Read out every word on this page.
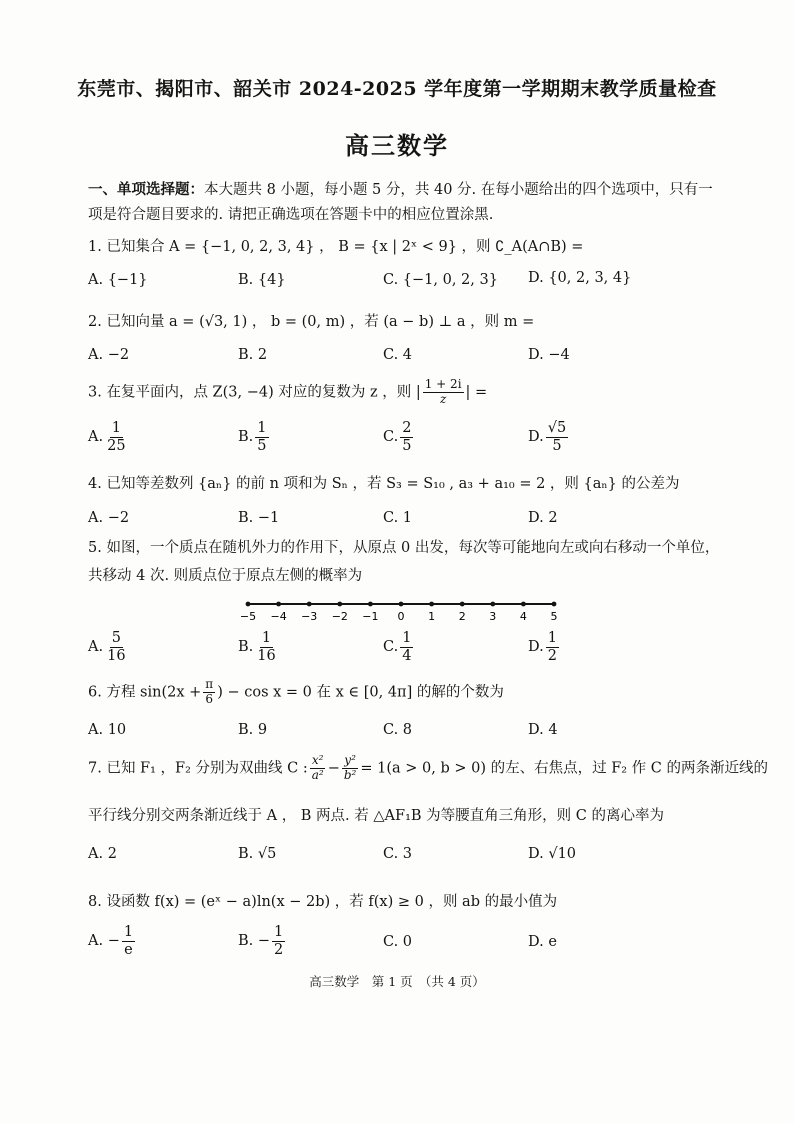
东莞市、揭阳市、韶关市 2024-2025 学年度第一学期期末教学质量检查
高三数学
一、单项选择题：本大题共 8 小题，每小题 5 分，共 40 分. 在每小题给出的四个选项中，只有一
项是符合题目要求的. 请把正确选项在答题卡中的相应位置涂黑.
1. 已知集合 A = {−1, 0, 2, 3, 4} ， B = {x | 2ˣ < 9} ，则 ∁_A(A∩B) =
A. {−1}	B. {4}	C. {−1, 0, 2, 3} D. {0, 2, 3, 4}
2. 已知向量 a = (√3, 1) ， b = (0, m) ，若 (a − b) ⊥ a ，则 m =
A. −2	B. 2	C. 4	D. −4
3. 在复平面内，点 Z(3, −4) 对应的复数为 z ，则 | $\frac{1 + 2i}{z}$ | =
A. $\frac{1}{25}$	B. $\frac{1}{5}$	C. $\frac{2}{5}$	D. $\frac{√5}{5}$
4. 已知等差数列 {aₙ} 的前 n 项和为 Sₙ ，若 S₃ = S₁₀ , a₃ + a₁₀ = 2 ，则 {aₙ} 的公差为
A. −2	B. −1	C. 1	D. 2
5. 如图，一个质点在随机外力的作用下，从原点 0 出发，每次等可能地向左或向右移动一个单位，
共移动 4 次. 则质点位于原点左侧的概率为
−5 −4 −3 −2 −1 0 1 2 3 4 5
A. $\frac{5}{16}$	B. $\frac{1}{16}$	C. $\frac{1}{4}$	D. $\frac{1}{2}$
6. 方程 $\sin(2x + \frac{\pi}{6}$ ) − cos x = 0 在 x ∈ [0, 4π] 的解的个数为
A. 10	B. 9	C. 8	D. 4
7. 已知 F₁ ，F₂ 分别为双曲线 C : $\frac{\text{x²}}{\text{a²}} - \frac{\text{y²}}{\text{b²}} = 1(a > 0$, b > 0) 的左、右焦点，过 F₂ 作 C 的两条渐近线的
平行线分别交两条渐近线于 A ， B 两点. 若 △AF₁B 为等腰直角三角形，则 C 的离心率为
A. 2	B. √5	C. 3	D. √10
8. 设函数 f(x) = (eˣ − a)ln(x − 2b) ，若 f(x) ≥ 0 ，则 ab 的最小值为
A. − $\frac{1}{e}$	B. − $\frac{1}{2}$	C. 0	D. e
高三数学　第 1 页　（共 4 页）
